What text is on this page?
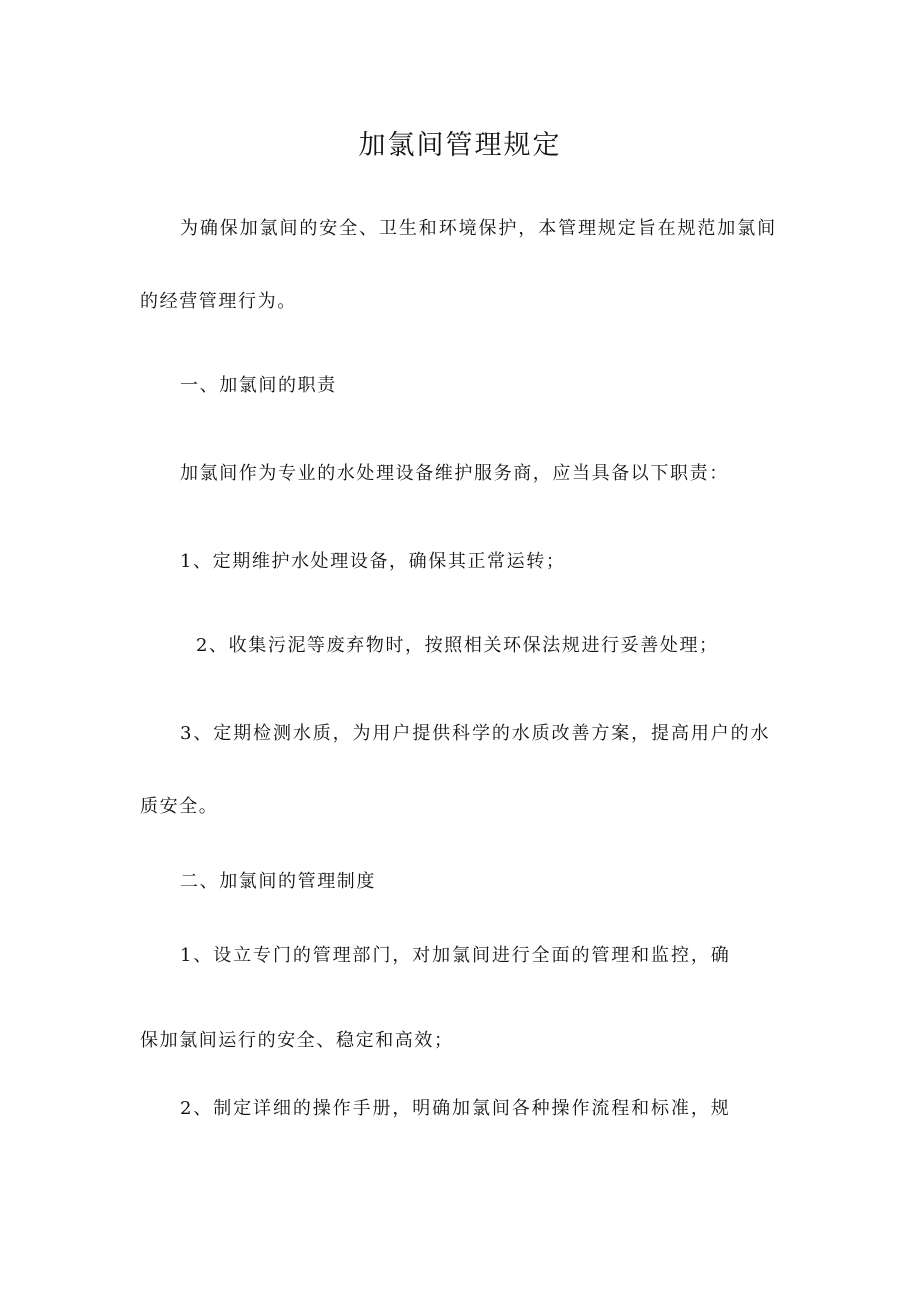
加氯间管理规定
为确保加氯间的安全、卫生和环境保护，本管理规定旨在规范加氯间
的经营管理行为。
一、加氯间的职责
加氯间作为专业的水处理设备维护服务商，应当具备以下职责：
1、定期维护水处理设备，确保其正常运转；
2、收集污泥等废弃物时，按照相关环保法规进行妥善处理；
3、定期检测水质，为用户提供科学的水质改善方案，提高用户的水
质安全。
二、加氯间的管理制度
1、设立专门的管理部门，对加氯间进行全面的管理和监控，确
保加氯间运行的安全、稳定和高效；
2、制定详细的操作手册，明确加氯间各种操作流程和标准，规
